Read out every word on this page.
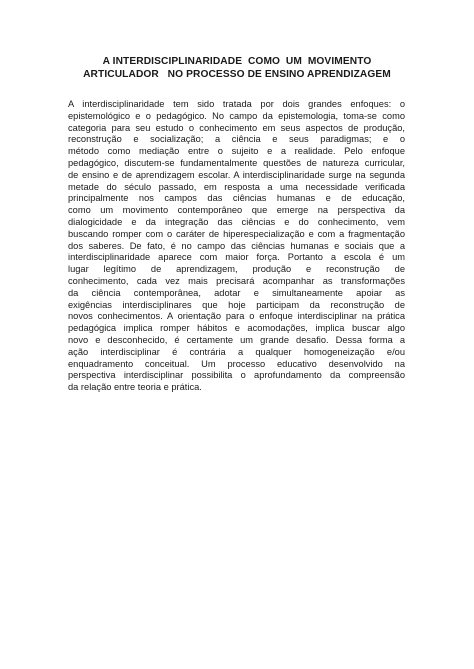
A INTERDISCIPLINARIDADE  COMO  UM  MOVIMENTO
ARTICULADOR   NO PROCESSO DE ENSINO APRENDIZAGEM
A interdisciplinaridade tem sido tratada por dois grandes enfoques: o
epistemológico e o pedagógico. No campo da epistemologia, toma-se como
categoria para seu estudo o conhecimento em seus aspectos de produção,
reconstrução e socialização; a ciência e seus paradigmas; e o
método como mediação entre o sujeito e a realidade. Pelo enfoque
pedagógico, discutem-se fundamentalmente questões de natureza curricular,
de ensino e de aprendizagem escolar. A interdisciplinaridade surge na segunda
metade do século passado, em resposta a uma necessidade verificada
principalmente nos campos das ciências humanas e de educação,
como um movimento contemporâneo que emerge na perspectiva da
dialogicidade e da integração das ciências e do conhecimento, vem
buscando romper com o caráter de hiperespecialização e com a fragmentação
dos saberes. De fato, é no campo das ciências humanas e sociais que a
interdisciplinaridade aparece com maior força. Portanto a escola é um
lugar legítimo de aprendizagem, produção e reconstrução de
conhecimento, cada vez mais precisará acompanhar as transformações
da ciência contemporânea, adotar e simultaneamente apoiar as
exigências interdisciplinares que hoje participam da reconstrução de
novos conhecimentos. A orientação para o enfoque interdisciplinar na prática
pedagógica implica romper hábitos e acomodações, implica buscar algo
novo e desconhecido, é certamente um grande desafio. Dessa forma a
ação interdisciplinar é contrária a qualquer homogeneização e/ou
enquadramento conceitual. Um processo educativo desenvolvido na
perspectiva interdisciplinar possibilita o aprofundamento da compreensão
da relação entre teoria e prática.
